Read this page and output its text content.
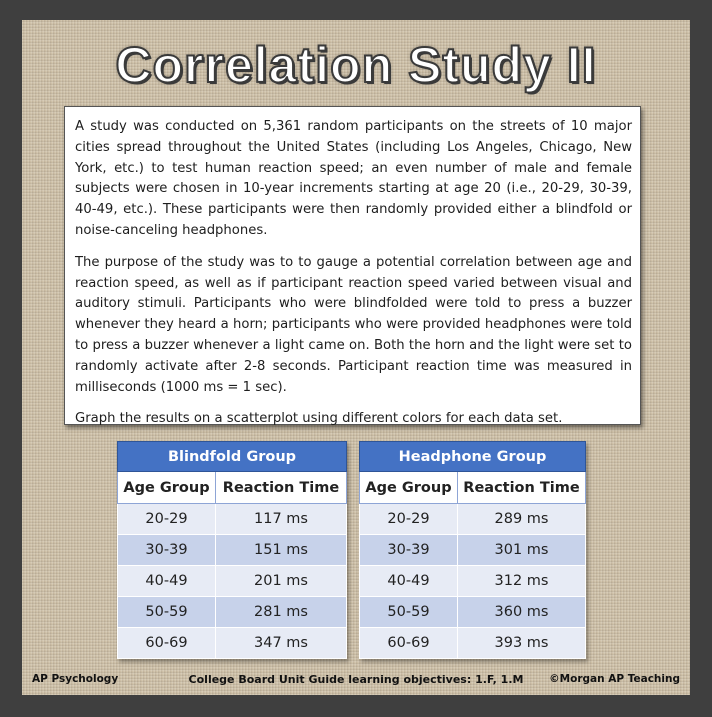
Correlation Study II

A study was conducted on 5,361 random participants on the streets of 10 major cities spread throughout the United States (including Los Angeles, Chicago, New York, etc.) to test human reaction speed; an even number of male and female subjects were chosen in 10-year increments starting at age 20 (i.e., 20-29, 30-39, 40-49, etc.). These participants were then randomly provided either a blindfold or noise-canceling headphones.

The purpose of the study was to to gauge a potential correlation between age and reaction speed, as well as if participant reaction speed varied between visual and auditory stimuli. Participants who were blindfolded were told to press a buzzer whenever they heard a horn; participants who were provided headphones were told to press a buzzer whenever a light came on. Both the horn and the light were set to randomly activate after 2-8 seconds. Participant reaction time was measured in milliseconds (1000 ms = 1 sec).

Graph the results on a scatterplot using different colors for each data set.

Blindfold Group	
Age Group	Reaction Time
20-29	117 ms
30-39	151 ms
40-49	201 ms
50-59	281 ms
60-69	347 ms
Headphone Group	
Age Group	Reaction Time
20-29	289 ms
30-39	301 ms
40-49	312 ms
50-59	360 ms
60-69	393 ms
AP Psychology	College Board Unit Guide learning objectives: 1.F, 1.M	©Morgan AP Teaching
